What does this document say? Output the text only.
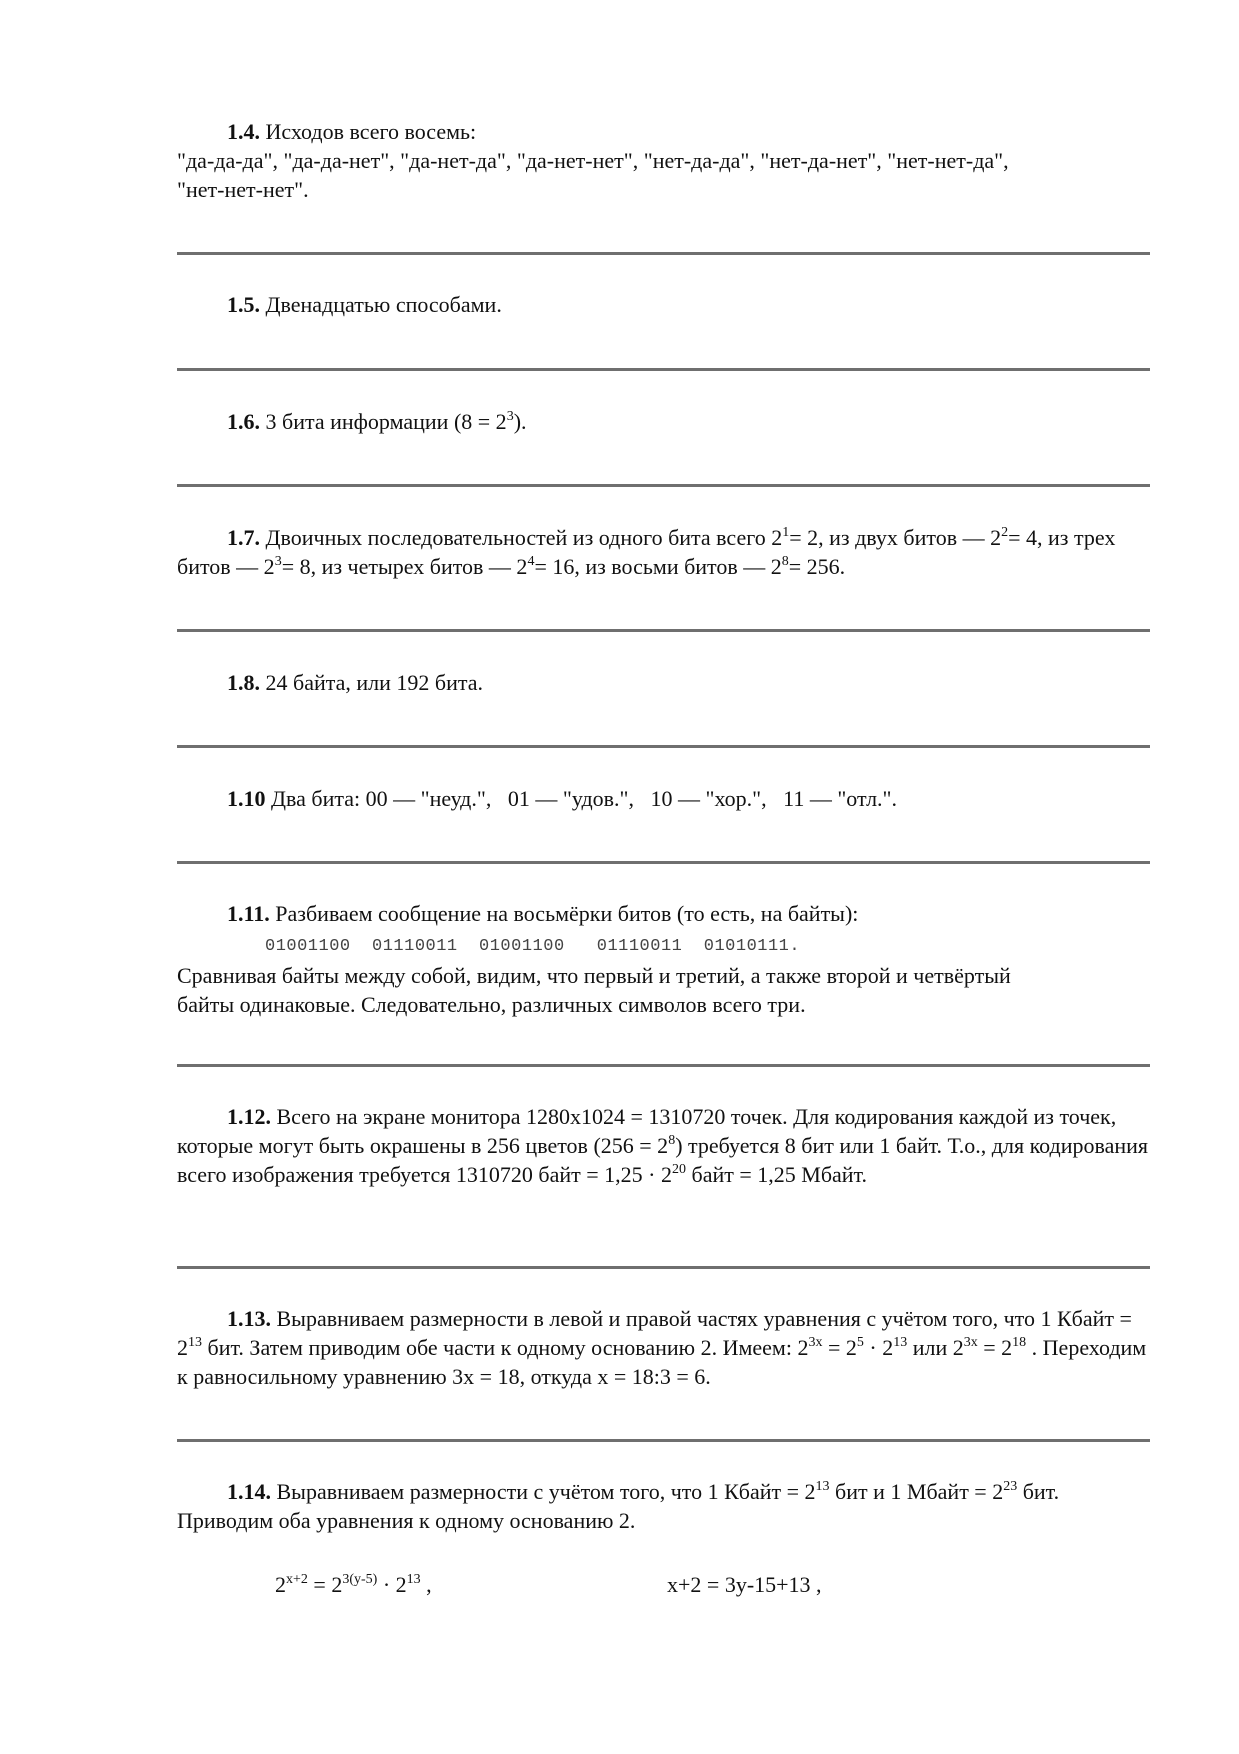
1.4. Исходов всего восемь:
"да-да-да", "да-да-нет", "да-нет-да", "да-нет-нет", "нет-да-да", "нет-да-нет", "нет-нет-да",
"нет-нет-нет".

1.5. Двенадцатью способами.

1.6. 3 бита информации $(8 = 2^3)$.

1.7. Двоичных последовательностей из одного бита всего $2^1= 2$, из двух битов — $2^2= 4$, из трех битов — $2^3= 8$, из четырех битов — $2^4= 16$, из восьми битов — $2^8= 256$.

1.8. 24 байта, или 192 бита.

1.10 Два бита: 00 — "неуд.",   01 — "удов.",   10 — "хор.",   11 — "отл.".

1.11. Разбиваем сообщение на восьмёрки битов (то есть, на байты):
01001100  01110011  01001100   01110011  01010111.
Сравнивая байты между собой, видим, что первый и третий, а также второй и четвёртый
байты одинаковые. Следовательно, различных символов всего три.

1.12. Всего на экране монитора 1280x1024 = 1310720 точек. Для кодирования каждой из точек, которые могут быть окрашены в 256 цветов $(256 = 2^8)$ требуется 8 бит или 1 байт. Т.о., для кодирования всего изображения требуется 1310720 байт = $1,25 \cdot 2^{20}$ байт = 1,25 Мбайт.

1.13. Выравниваем размерности в левой и правой частях уравнения с учётом того, что 1 Кбайт = $2^{13}$ бит. Затем приводим обе части к одному основанию 2. Имеем: $2^{3x} = 2^5 \cdot 2^{13}$ или $2^{3x} = 2^{18}$ . Переходим к равносильному уравнению 3x = 18, откуда x = 18:3 = 6.

1.14. Выравниваем размерности с учётом того, что 1 Кбайт = $2^{13}$ бит и 1 Мбайт = $2^{23}$ бит. Приводим оба уравнения к одному основанию 2.

$2^{x+2} = 2^{3(y-5)} \cdot 2^{13}$ ,	x+2 = 3y-15+13 ,
